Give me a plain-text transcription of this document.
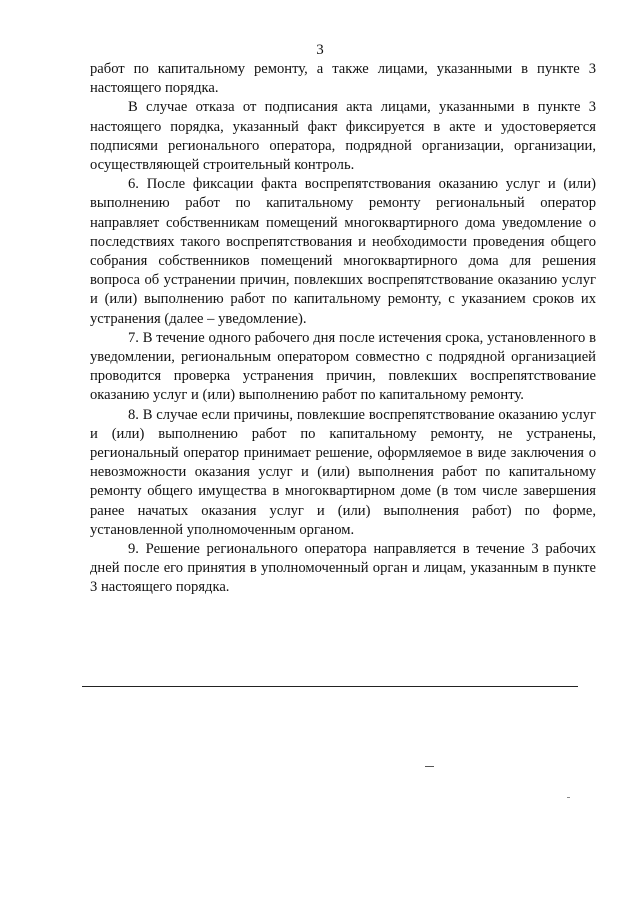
3

работ по капитальному ремонту, а также лицами, указанными в пункте 3 настоящего порядка.

В случае отказа от подписания акта лицами, указанными в пункте 3 настоящего порядка, указанный факт фиксируется в акте и удостоверяется подписями регионального оператора, подрядной организации, организации, осуществляющей строительный контроль.

6. После фиксации факта воспрепятствования оказанию услуг и (или) выполнению работ по капитальному ремонту региональный оператор направляет собственникам помещений многоквартирного дома уведомление о последствиях такого воспрепятствования и необходимости проведения общего собрания собственников помещений многоквартирного дома для решения вопроса об устранении причин, повлекших воспрепятствование оказанию услуг и (или) выполнению работ по капитальному ремонту, с указанием сроков их устранения (далее – уведомление).

7. В течение одного рабочего дня после истечения срока, установленного в уведомлении, региональным оператором совместно с подрядной организацией проводится проверка устранения причин, повлекших воспрепятствование оказанию услуг и (или) выполнению работ по капитальному ремонту.

8. В случае если причины, повлекшие воспрепятствование оказанию услуг и (или) выполнению работ по капитальному ремонту, не устранены, региональный оператор принимает решение, оформляемое в виде заключения о невозможности оказания услуг и (или) выполнения работ по капитальному ремонту общего имущества в многоквартирном доме (в том числе завершения ранее начатых оказания услуг и (или) выполнения работ) по форме, установленной уполномоченным органом.

9. Решение регионального оператора направляется в течение 3 рабочих дней после его принятия в уполномоченный орган и лицам, указанным в пункте 3 настоящего порядка.
